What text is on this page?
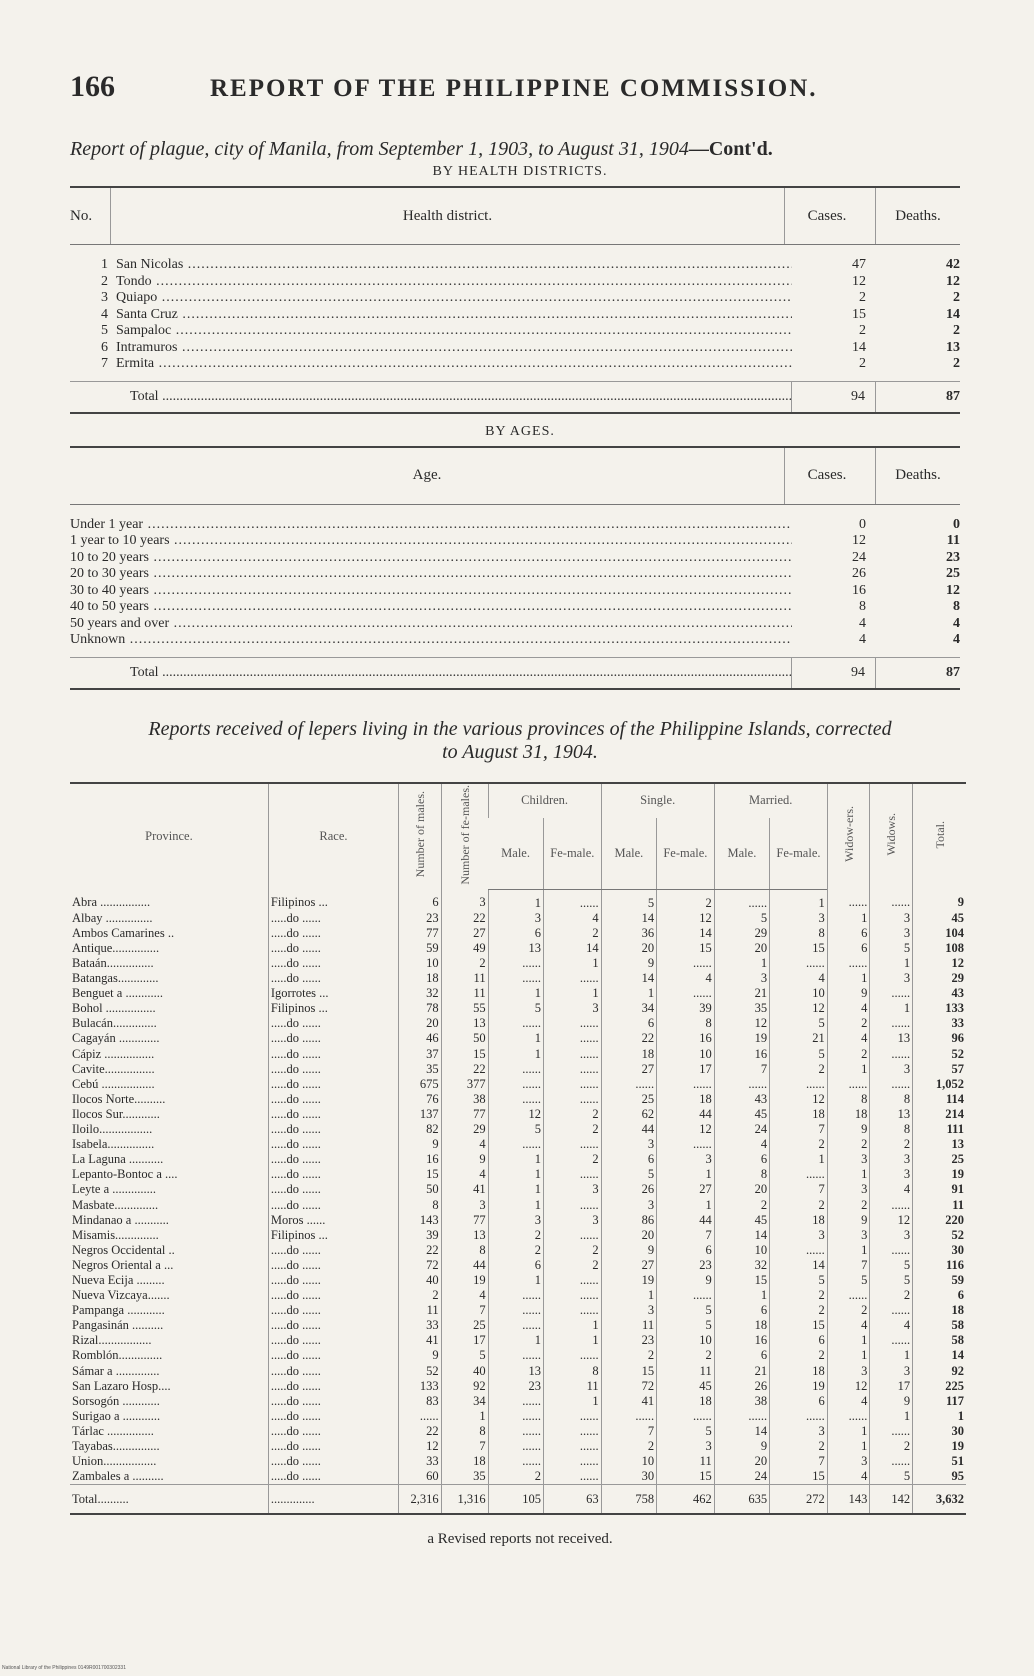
166	REPORT OF THE PHILIPPINE COMMISSION.
Report of plague, city of Manila, from September 1, 1903, to August 31, 1904—Cont'd.
BY HEALTH DISTRICTS.
No.	Health district.	Cases.	Deaths.
1 San Nicolas .....	47	42
2 Tondo .....	12	12
3 Quiapo .....	2	2
4 Santa Cruz .....	15	14
5 Sampaloc .....	2	2
6 Intramuros .....	14	13
7 Ermita .....	2	2
Total .....	94	87
BY AGES.
Age.	Cases.	Deaths.
Under 1 year .....	0	0
1 year to 10 years .....	12	11
10 to 20 years .....	24	23
20 to 30 years .....	26	25
30 to 40 years .....	16	12
40 to 50 years .....	8	8
50 years and over .....	4	4
Unknown .....	4	4
Total .....	94	87
Reports received of lepers living in the various provinces of the Philippine Islands, corrected
to August 31, 1904.
Province.	Race.	Number of males.	Number of fe-males.	Children.		Single.		Married.		Widow-ers.	Widows.	Total.
				Male.	Fe-male.	Male.	Fe-male.	Male.	Fe-male.			
Abra ................	Filipinos ...	6	3	1	......	5	2	......	1	......	......	9
Albay ...............	.....do ......	23	22	3	4	14	12	5	3	1	3	45
Ambos Camarines ..	.....do ......	77	27	6	2	36	14	29	8	6	3	104
Antique...............	.....do ......	59	49	13	14	20	15	20	15	6	5	108
Bataán...............	.....do ......	10	2	......	1	9	......	1	......	......	1	12
Batangas.............	.....do ......	18	11	......	......	14	4	3	4	1	3	29
Benguet a ............	Igorrotes ...	32	11	1	1	1	......	21	10	9	......	43
Bohol ................	Filipinos ...	78	55	5	3	34	39	35	12	4	1	133
Bulacán..............	.....do ......	20	13	......	......	6	8	12	5	2	......	33
Cagayán .............	.....do ......	46	50	1	......	22	16	19	21	4	13	96
Cápiz ................	.....do ......	37	15	1	......	18	10	16	5	2	......	52
Cavite................	.....do ......	35	22	......	......	27	17	7	2	1	3	57
Cebú .................	.....do ......	675	377	......	......	......	......	......	......	......	......	1,052
Ilocos Norte..........	.....do ......	76	38	......	......	25	18	43	12	8	8	114
Ilocos Sur............	.....do ......	137	77	12	2	62	44	45	18	18	13	214
Iloilo.................	.....do ......	82	29	5	2	44	12	24	7	9	8	111
Isabela...............	.....do ......	9	4	......	......	3	......	4	2	2	2	13
La Laguna ...........	.....do ......	16	9	1	2	6	3	6	1	3	3	25
Lepanto-Bontoc a ....	.....do ......	15	4	1	......	5	1	8	......	1	3	19
Leyte a ..............	.....do ......	50	41	1	3	26	27	20	7	3	4	91
Masbate..............	.....do ......	8	3	1	......	3	1	2	2	2	......	11
Mindanao a ...........	Moros ......	143	77	3	3	86	44	45	18	9	12	220
Misamis..............	Filipinos ...	39	13	2	......	20	7	14	3	3	3	52
Negros Occidental ..	.....do ......	22	8	2	2	9	6	10	......	1	......	30
Negros Oriental a ...	.....do ......	72	44	6	2	27	23	32	14	7	5	116
Nueva Ecija .........	.....do ......	40	19	1	......	19	9	15	5	5	5	59
Nueva Vizcaya.......	.....do ......	2	4	......	......	1	......	1	2	......	2	6
Pampanga ............	.....do ......	11	7	......	......	3	5	6	2	2	......	18
Pangasinán ..........	.....do ......	33	25	......	1	11	5	18	15	4	4	58
Rizal.................	.....do ......	41	17	1	1	23	10	16	6	1	......	58
Romblón..............	.....do ......	9	5	......	......	2	2	6	2	1	1	14
Sámar a ..............	.....do ......	52	40	13	8	15	11	21	18	3	3	92
San Lazaro Hosp....	.....do ......	133	92	23	11	72	45	26	19	12	17	225
Sorsogón ............	.....do ......	83	34	......	1	41	18	38	6	4	9	117
Surigao a ............	.....do ......	......	1	......	......	......	......	......	......	......	1	1
Tárlac ...............	.....do ......	22	8	......	......	7	5	14	3	1	......	30
Tayabas...............	.....do ......	12	7	......	......	2	3	9	2	1	2	19
Union.................	.....do ......	33	18	......	......	10	11	20	7	3	......	51
Zambales a ..........	.....do ......	60	35	2	......	30	15	24	15	4	5	95
Total..........	..............	2,316	1,316	105	63	758	462	635	272	143	142	3,632
a Revised reports not received.
National Library of the Philippines 0149R001700302331
